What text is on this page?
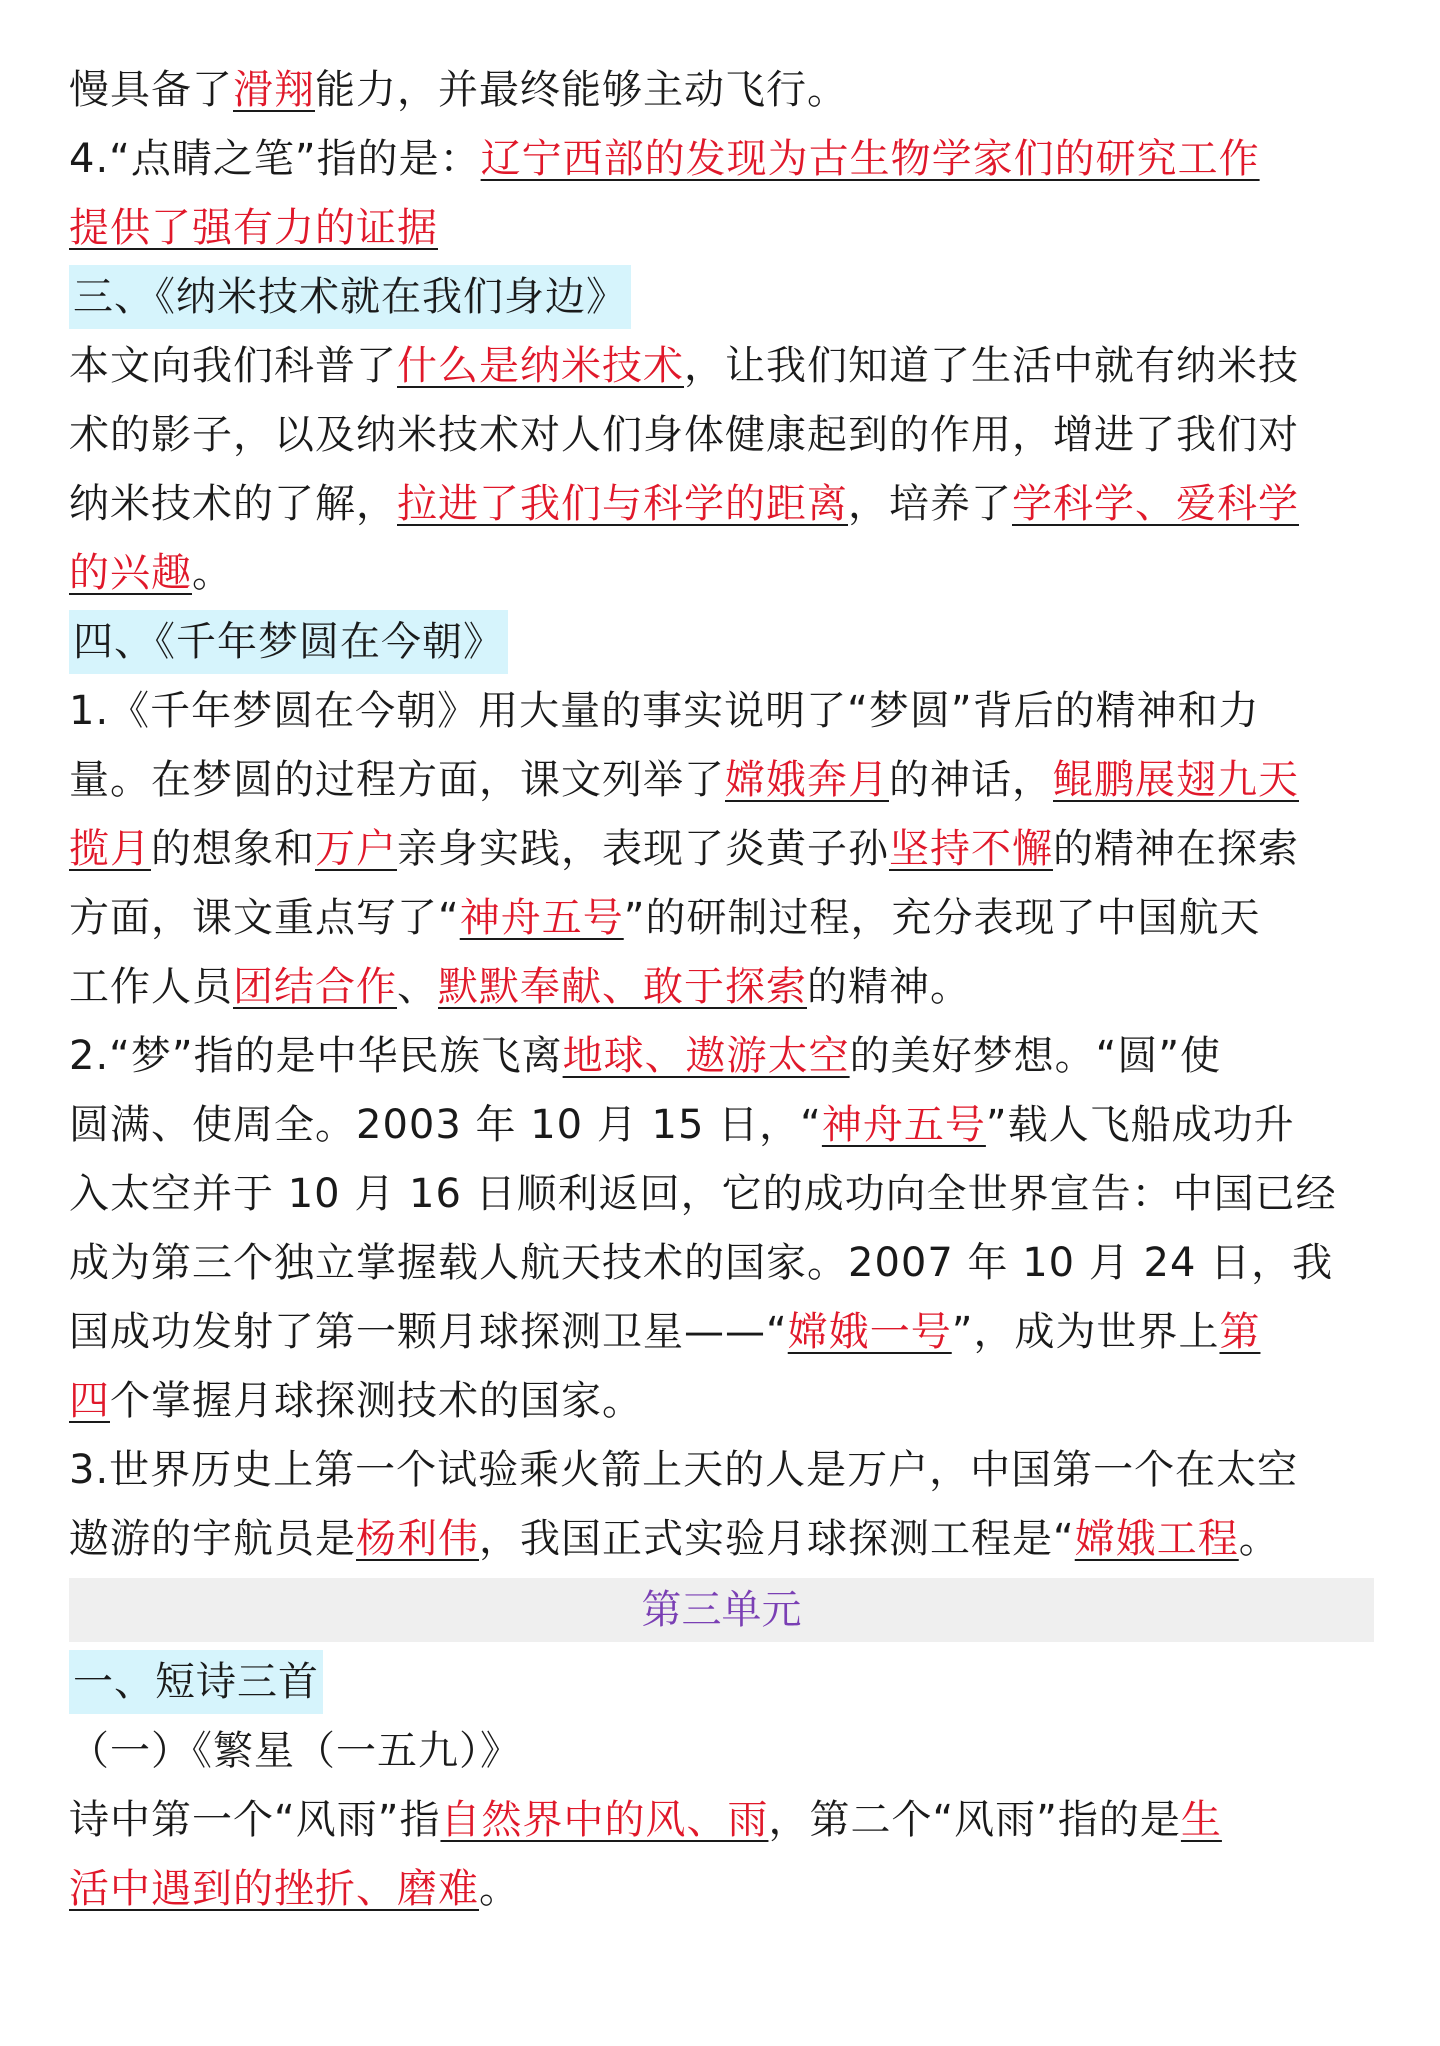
慢具备了滑翔能力，并最终能够主动飞行。
4.“点睛之笔”指的是：辽宁西部的发现为古生物学家们的研究工作
提供了强有力的证据
三、《纳米技术就在我们身边》
本文向我们科普了什么是纳米技术，让我们知道了生活中就有纳米技
术的影子，以及纳米技术对人们身体健康起到的作用，增进了我们对
纳米技术的了解，拉进了我们与科学的距离，培养了学科学、爱科学
的兴趣。
四、《千年梦圆在今朝》
1.《千年梦圆在今朝》用大量的事实说明了“梦圆”背后的精神和力
量。在梦圆的过程方面，课文列举了嫦娥奔月的神话，鲲鹏展翅九天
揽月的想象和万户亲身实践，表现了炎黄子孙坚持不懈的精神在探索
方面，课文重点写了“神舟五号”的研制过程，充分表现了中国航天
工作人员团结合作、默默奉献、敢于探索的精神。
2.“梦”指的是中华民族飞离地球、遨游太空的美好梦想。“圆”使
圆满、使周全。2003 年 10 月 15 日，“神舟五号”载人飞船成功升
入太空并于 10 月 16 日顺利返回，它的成功向全世界宣告：中国已经
成为第三个独立掌握载人航天技术的国家。2007 年 10 月 24 日，我
国成功发射了第一颗月球探测卫星——“嫦娥一号”，成为世界上第
四个掌握月球探测技术的国家。
3.世界历史上第一个试验乘火箭上天的人是万户，中国第一个在太空
遨游的宇航员是杨利伟，我国正式实验月球探测工程是“嫦娥工程。
第三单元
一、短诗三首
（一）《繁星（一五九）》
诗中第一个“风雨”指自然界中的风、雨，第二个“风雨”指的是生
活中遇到的挫折、磨难。
